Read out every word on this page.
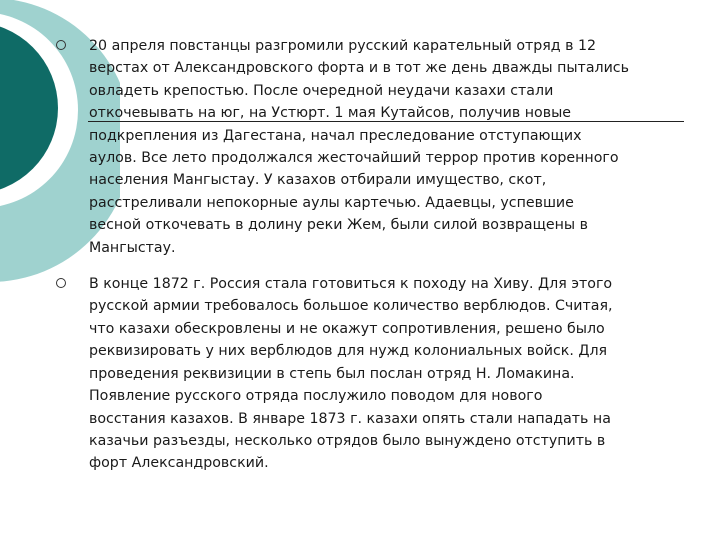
20 апреля повстанцы разгромили русский карательный отряд в 12
верстах от Александровского форта и в тот же день дважды пытались
овладеть крепостью. После очередной неудачи казахи стали
откочевывать на юг, на Устюрт. 1 мая Кутайсов, получив новые
подкрепления из Дагестана, начал преследование отступающих
аулов. Все лето продолжался жесточайший террор против коренного
населения Мангыстау. У казахов отбирали имущество, скот,
расстреливали непокорные аулы картечью. Адаевцы, успевшие
весной откочевать в долину реки Жем, были силой возвращены в
Мангыстау.
В конце 1872 г. Россия стала готовиться к походу на Хиву. Для этого
русской армии требовалось большое количество верблюдов. Считая,
что казахи обескровлены и не окажут сопротивления, решено было
реквизировать у них верблюдов для нужд колониальных войск. Для
проведения реквизиции в степь был послан отряд Н. Ломакина.
Появление русского отряда послужило поводом для нового
восстания казахов. В январе 1873 г. казахи опять стали нападать на
казачьи разъезды, несколько отрядов было вынуждено отступить в
форт Александровский.
